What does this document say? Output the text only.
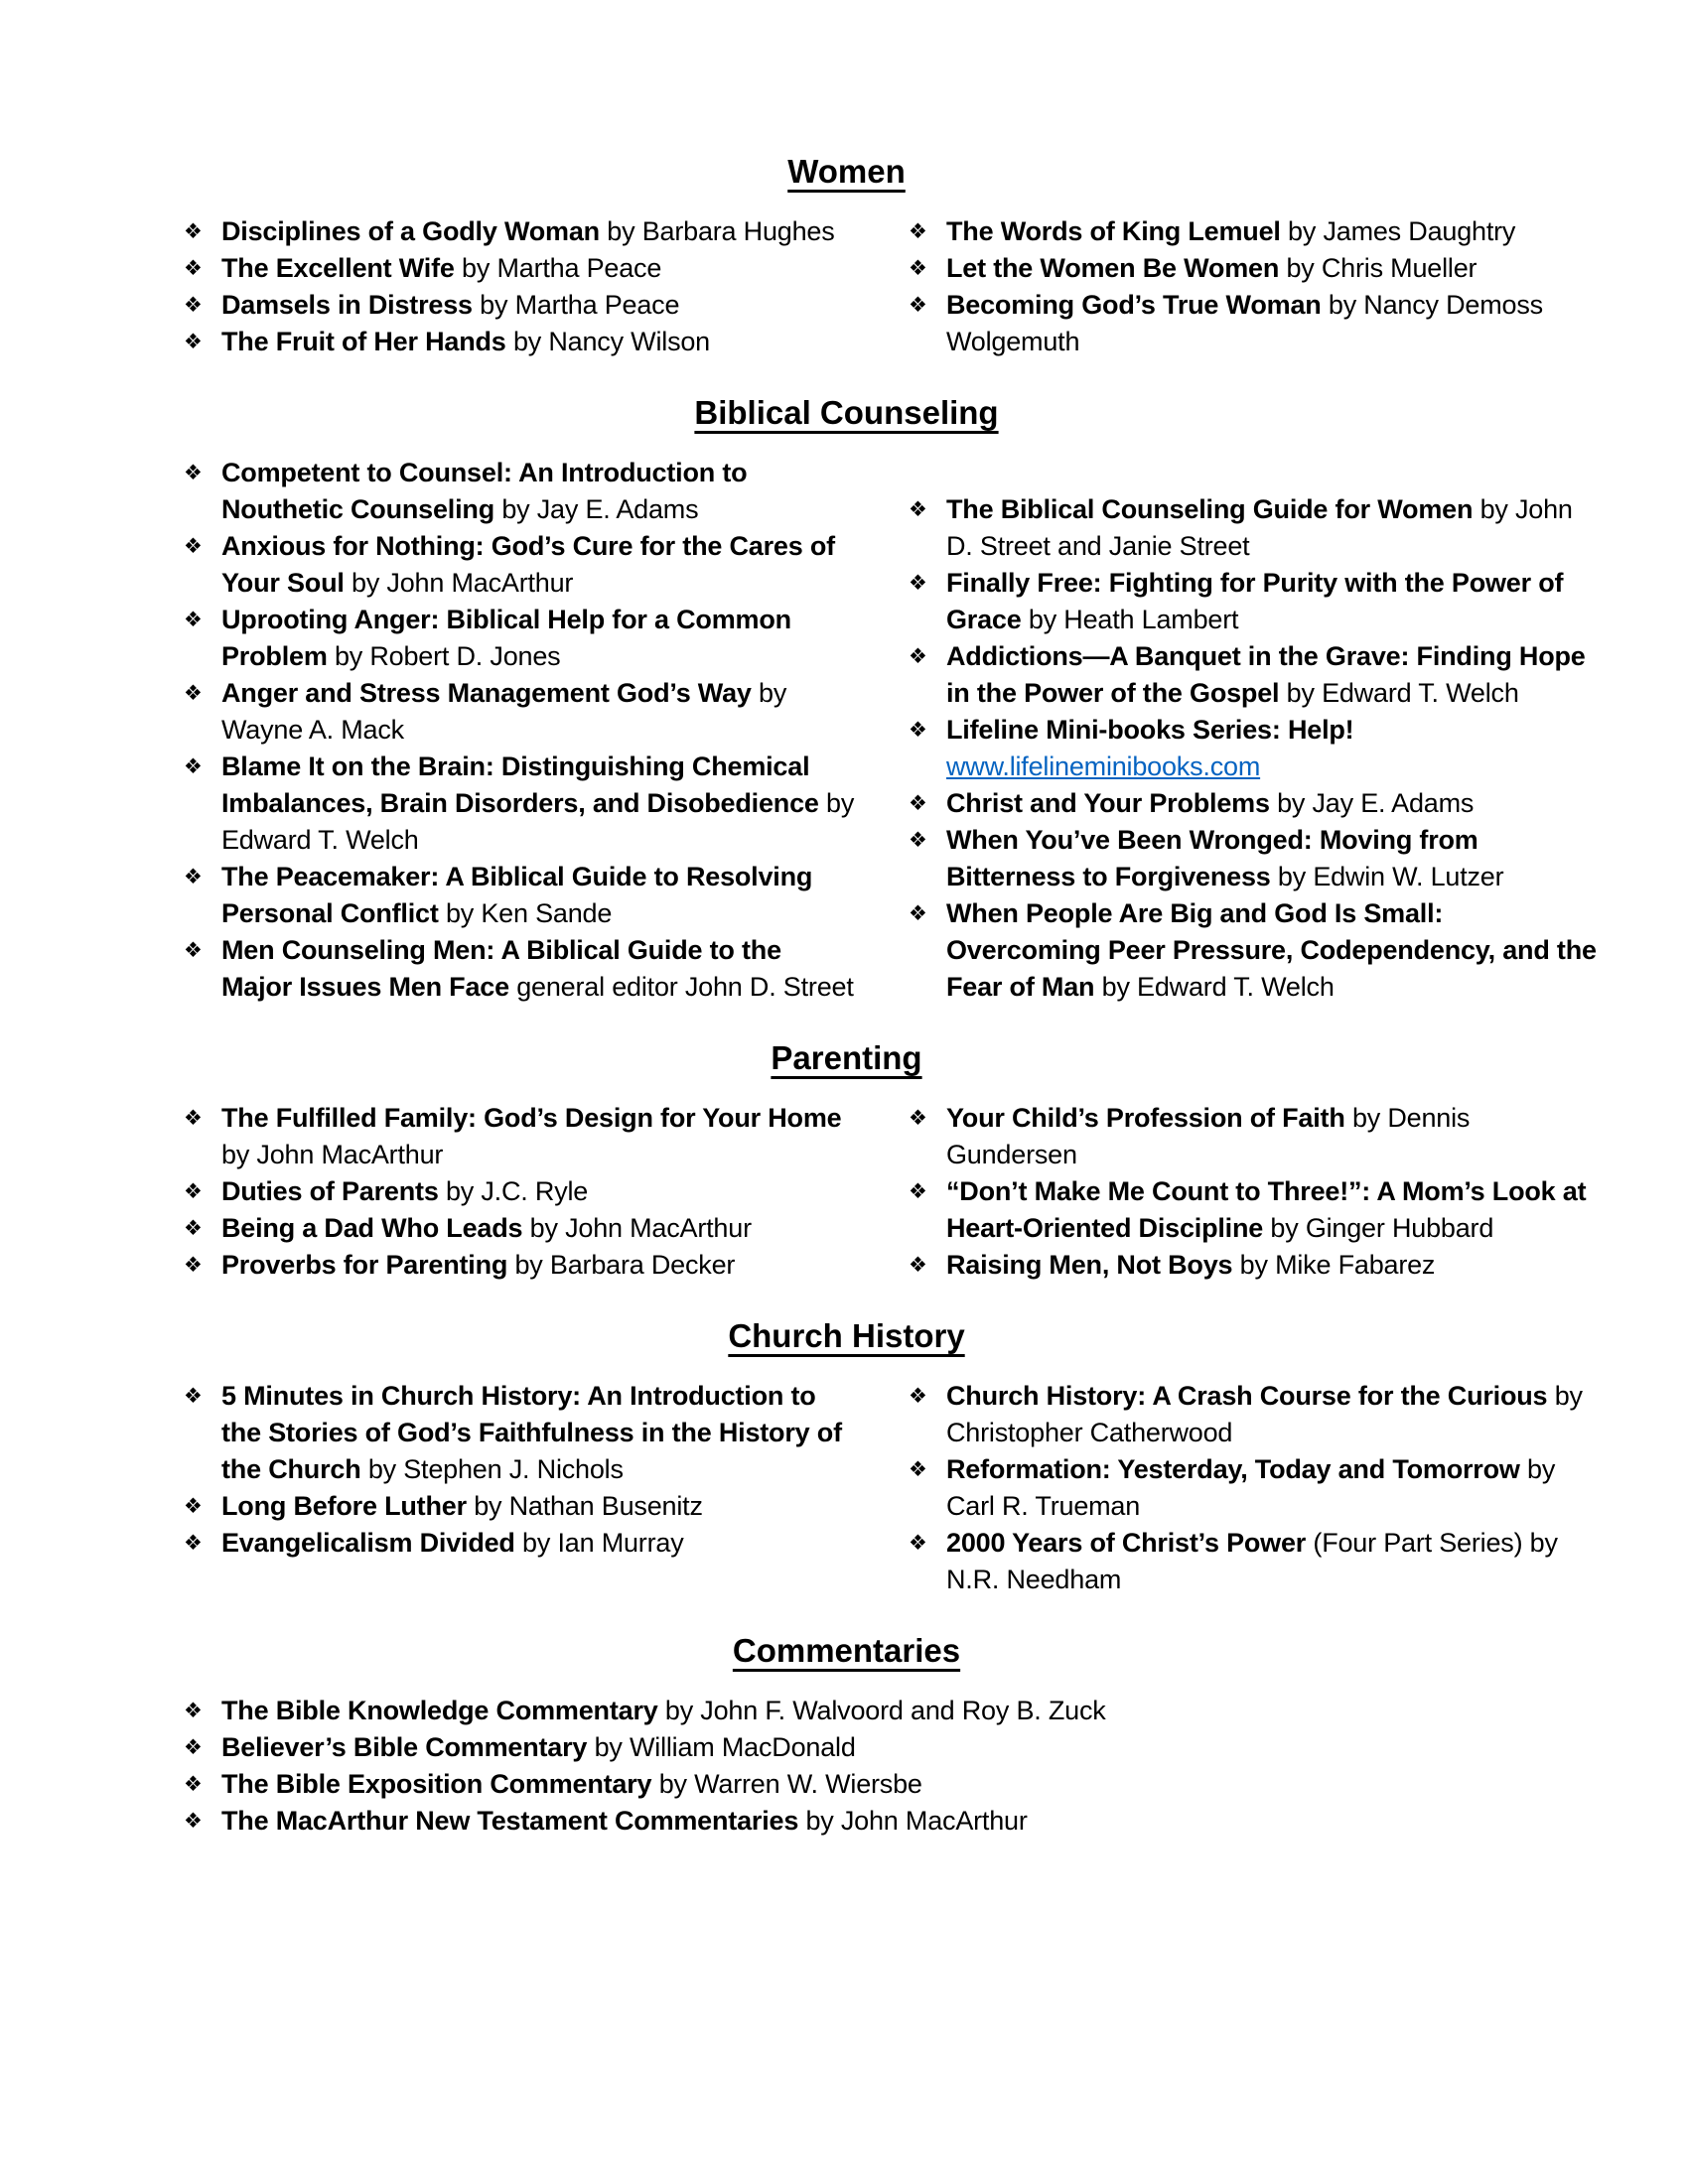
Women
❖ Disciplines of a Godly Woman by Barbara Hughes
❖ The Excellent Wife by Martha Peace
❖ Damsels in Distress by Martha Peace
❖ The Fruit of Her Hands by Nancy Wilson
❖ The Words of King Lemuel by James Daughtry
❖ Let the Women Be Women by Chris Mueller
❖ Becoming God’s True Woman by Nancy Demoss Wolgemuth
Biblical Counseling
❖ Competent to Counsel: An Introduction to Nouthetic Counseling by Jay E. Adams
❖ Anxious for Nothing: God’s Cure for the Cares of Your Soul by John MacArthur
❖ Uprooting Anger: Biblical Help for a Common Problem by Robert D. Jones
❖ Anger and Stress Management God’s Way by Wayne A. Mack
❖ Blame It on the Brain: Distinguishing Chemical Imbalances, Brain Disorders, and Disobedience by Edward T. Welch
❖ The Peacemaker: A Biblical Guide to Resolving Personal Conflict by Ken Sande
❖ Men Counseling Men: A Biblical Guide to the Major Issues Men Face general editor John D. Street
❖ The Biblical Counseling Guide for Women by John D. Street and Janie Street
❖ Finally Free: Fighting for Purity with the Power of Grace by Heath Lambert
❖ Addictions—A Banquet in the Grave: Finding Hope in the Power of the Gospel by Edward T. Welch
❖ Lifeline Mini-books Series: Help! www.lifelineminibooks.com
❖ Christ and Your Problems by Jay E. Adams
❖ When You’ve Been Wronged: Moving from Bitterness to Forgiveness by Edwin W. Lutzer
❖ When People Are Big and God Is Small: Overcoming Peer Pressure, Codependency, and the Fear of Man by Edward T. Welch
Parenting
❖ The Fulfilled Family: God’s Design for Your Home by John MacArthur
❖ Duties of Parents by J.C. Ryle
❖ Being a Dad Who Leads by John MacArthur
❖ Proverbs for Parenting by Barbara Decker
❖ Your Child’s Profession of Faith by Dennis Gundersen
❖ “Don’t Make Me Count to Three!”: A Mom’s Look at Heart-Oriented Discipline by Ginger Hubbard
❖ Raising Men, Not Boys by Mike Fabarez
Church History
❖ 5 Minutes in Church History: An Introduction to the Stories of God’s Faithfulness in the History of the Church by Stephen J. Nichols
❖ Long Before Luther by Nathan Busenitz
❖ Evangelicalism Divided by Ian Murray
❖ Church History: A Crash Course for the Curious by Christopher Catherwood
❖ Reformation: Yesterday, Today and Tomorrow by Carl R. Trueman
❖ 2000 Years of Christ’s Power (Four Part Series) by N.R. Needham
Commentaries
❖ The Bible Knowledge Commentary by John F. Walvoord and Roy B. Zuck
❖ Believer’s Bible Commentary by William MacDonald
❖ The Bible Exposition Commentary by Warren W. Wiersbe
❖ The MacArthur New Testament Commentaries by John MacArthur
